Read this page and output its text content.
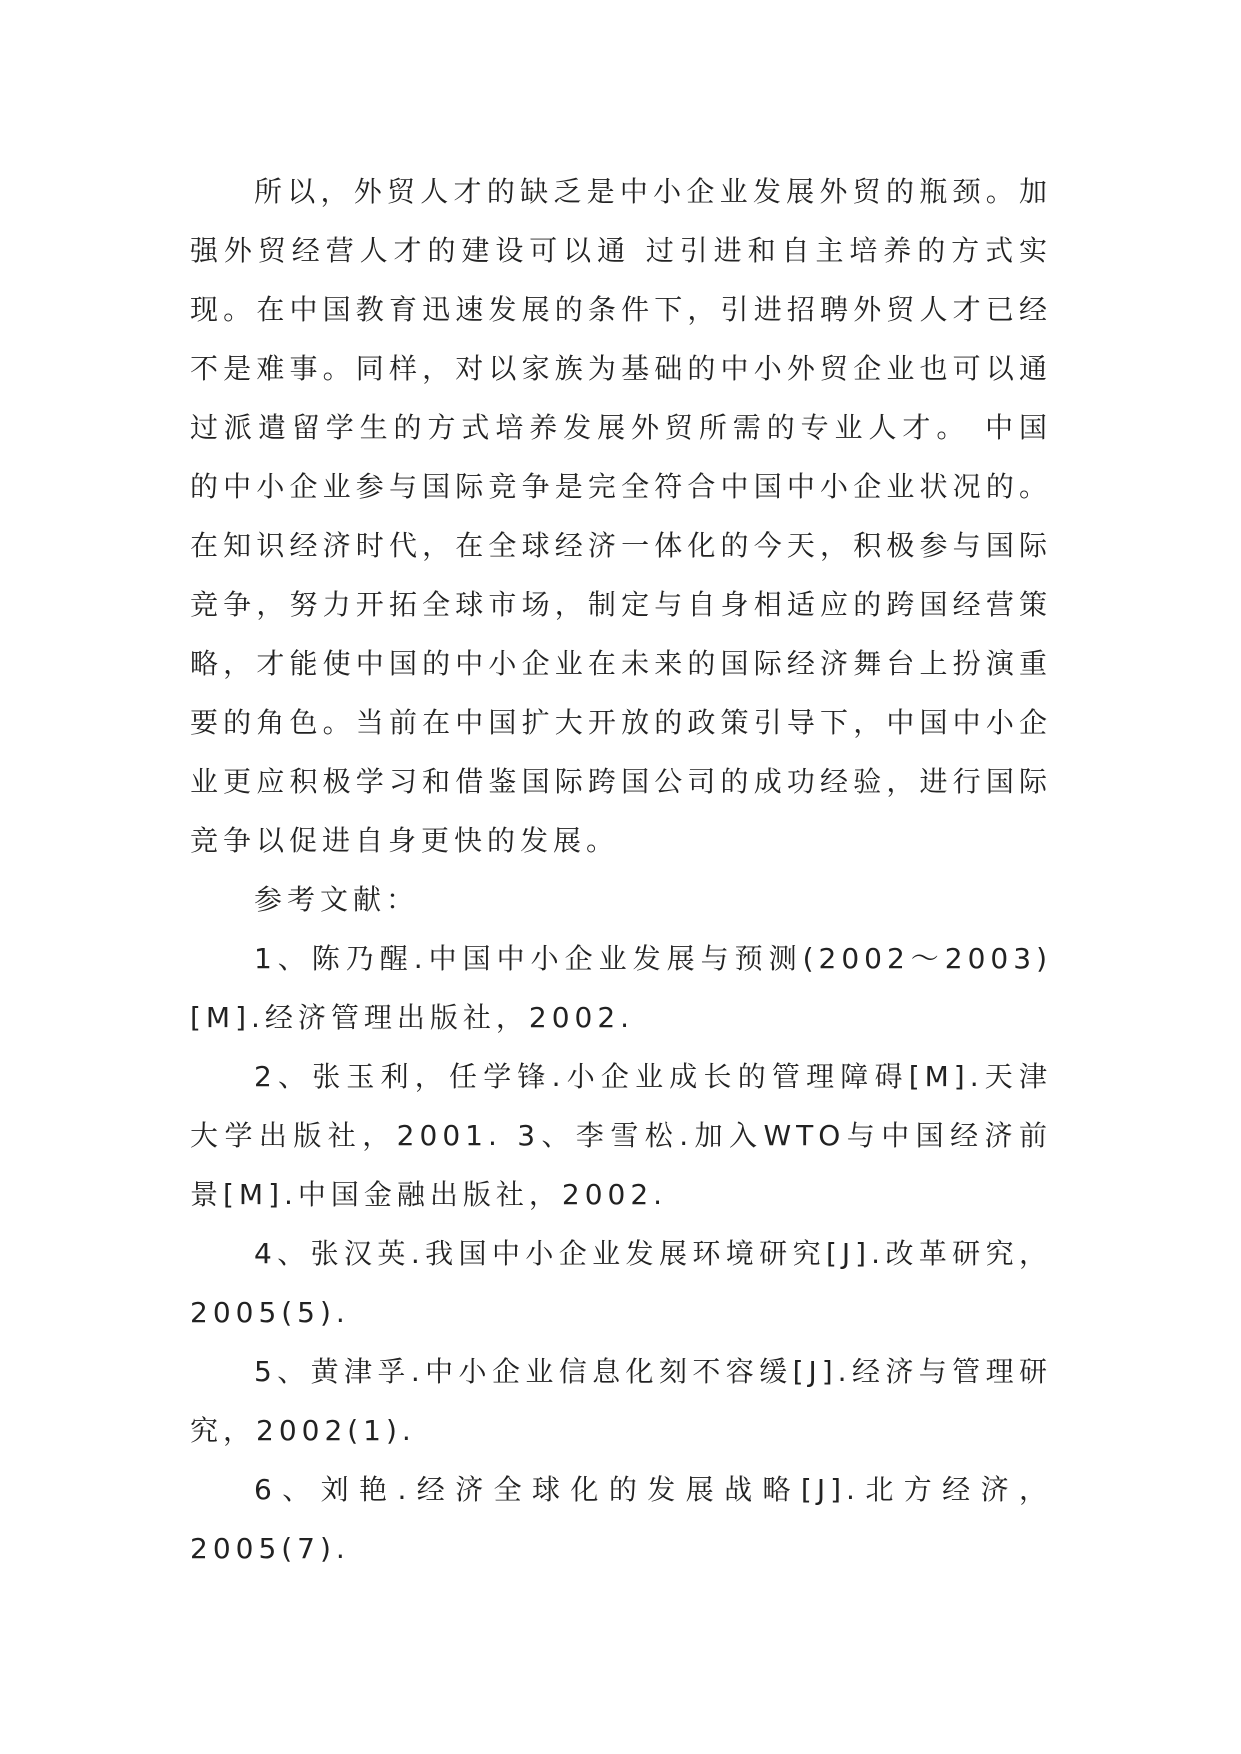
所以，外贸人才的缺乏是中小企业发展外贸的瓶颈。加强外贸经营人才的建设可以通 过引进和自主培养的方式实现。在中国教育迅速发展的条件下，引进招聘外贸人才已经不是难事。同样，对以家族为基础的中小外贸企业也可以通过派遣留学生的方式培养发展外贸所需的专业人才。 中国的中小企业参与国际竞争是完全符合中国中小企业状况的。在知识经济时代，在全球经济一体化的今天，积极参与国际竞争，努力开拓全球市场，制定与自身相适应的跨国经营策略，才能使中国的中小企业在未来的国际经济舞台上扮演重要的角色。当前在中国扩大开放的政策引导下，中国中小企业更应积极学习和借鉴国际跨国公司的成功经验，进行国际竞争以促进自身更快的发展。

参考文献：

1、陈乃醒.中国中小企业发展与预测(2002～2003)[M].经济管理出版社，2002.

2、张玉利，任学锋.小企业成长的管理障碍[M].天津大学出版社，2001. 3、李雪松.加入WTO与中国经济前景[M].中国金融出版社，2002.

4、张汉英.我国中小企业发展环境研究[J].改革研究，2005(5).

5、黄津孚.中小企业信息化刻不容缓[J].经济与管理研究，2002(1).

6、刘艳.经济全球化的发展战略[J].北方经济，2005(7).
